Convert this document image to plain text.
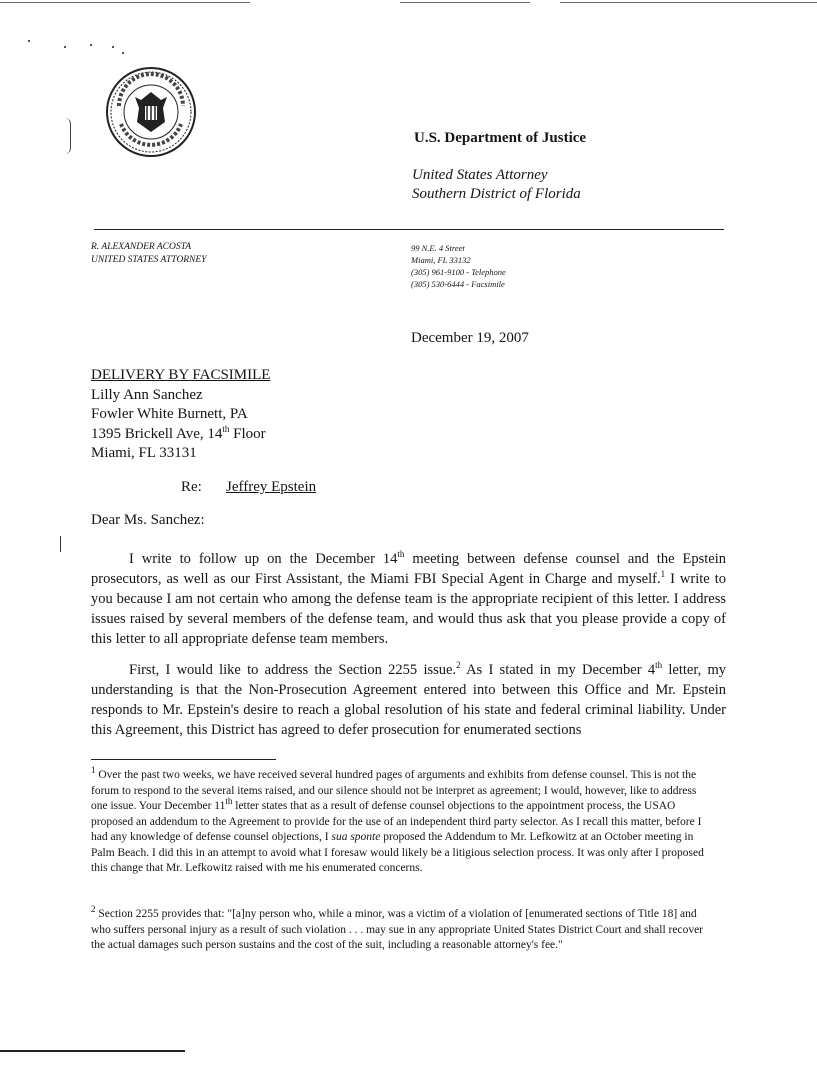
U.S. Department of Justice
United States Attorney
Southern District of Florida
R. ALEXANDER ACOSTA
UNITED STATES ATTORNEY
99 N.E. 4 Street
Miami, FL 33132
(305) 961-9100 - Telephone
(305) 530-6444 - Facsimile
December 19, 2007
DELIVERY BY FACSIMILE
Lilly Ann Sanchez
Fowler White Burnett, PA
1395 Brickell Ave, 14th Floor
Miami, FL 33131
Re: Jeffrey Epstein
Dear Ms. Sanchez:
I write to follow up on the December 14th meeting between defense counsel and the Epstein prosecutors, as well as our First Assistant, the Miami FBI Special Agent in Charge and myself.$^1$ I write to you because I am not certain who among the defense team is the appropriate recipient of this letter. I address issues raised by several members of the defense team, and would thus ask that you please provide a copy of this letter to all appropriate defense team members.
First, I would like to address the Section 2255 issue.$^2$ As I stated in my December 4th letter, my understanding is that the Non-Prosecution Agreement entered into between this Office and Mr. Epstein responds to Mr. Epstein's desire to reach a global resolution of his state and federal criminal liability. Under this Agreement, this District has agreed to defer prosecution for enumerated sections
$^1$ Over the past two weeks, we have received several hundred pages of arguments and exhibits from defense counsel. This is not the forum to respond to the several items raised, and our silence should not be interpret as agreement; I would, however, like to address one issue. Your December 11th letter states that as a result of defense counsel objections to the appointment process, the USAO proposed an addendum to the Agreement to provide for the use of an independent third party selector. As I recall this matter, before I had any knowledge of defense counsel objections, I sua sponte proposed the Addendum to Mr. Lefkowitz at an October meeting in Palm Beach. I did this in an attempt to avoid what I foresaw would likely be a litigious selection process. It was only after I proposed this change that Mr. Lefkowitz raised with me his enumerated concerns.
$^2$ Section 2255 provides that: "[a]ny person who, while a minor, was a victim of a violation of [enumerated sections of Title 18] and who suffers personal injury as a result of such violation . . . may sue in any appropriate United States District Court and shall recover the actual damages such person sustains and the cost of the suit, including a reasonable attorney's fee."
